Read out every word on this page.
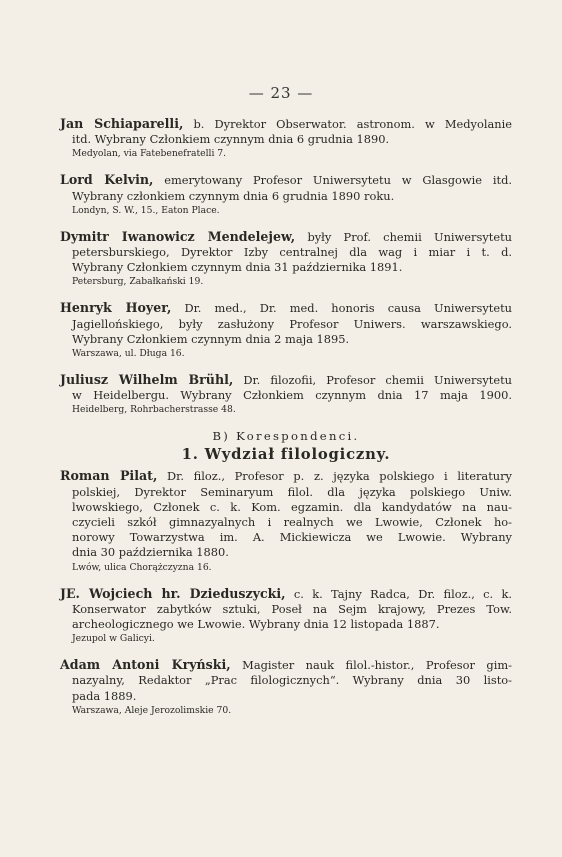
— 23 —
Jan Schiaparelli, b. Dyrektor Obserwator. astronom. w Medyolanie
itd. Wybrany Członkiem czynnym dnia 6 grudnia 1890.
Medyolan, via Fatebenefratelli 7.
Lord Kelvin, emerytowany Profesor Uniwersytetu w Glasgowie itd.
Wybrany członkiem czynnym dnia 6 grudnia 1890 roku.
Londyn, S. W., 15., Eaton Place.
Dymitr Iwanowicz Mendelejew, były Prof. chemii Uniwersytetu
petersburskiego, Dyrektor Izby centralnej dla wag i miar i t. d.
Wybrany Członkiem czynnym dnia 31 października 1891.
Petersburg, Zabałkański 19.
Henryk Hoyer, Dr. med., Dr. med. honoris causa Uniwersytetu
Jagiellońskiego, były zasłużony Profesor Uniwers. warszawskiego.
Wybrany Członkiem czynnym dnia 2 maja 1895.
Warszawa, ul. Długa 16.
Juliusz Wilhelm Brühl, Dr. filozofii, Profesor chemii Uniwersytetu
w Heidelbergu. Wybrany Członkiem czynnym dnia 17 maja 1900.
Heidelberg, Rohrbacherstrasse 48.
B) Korespondenci.
1. Wydział filologiczny.
Roman Pilat, Dr. filoz., Profesor p. z. języka polskiego i literatury
polskiej, Dyrektor Seminaryum filol. dla języka polskiego Uniw.
lwowskiego, Członek c. k. Kom. egzamin. dla kandydatów na nau-
czycieli szkół gimnazyalnych i realnych we Lwowie, Członek ho-
norowy Towarzystwa im. A. Mickiewicza we Lwowie. Wybrany
dnia 30 października 1880.
Lwów, ulica Chorążczyzna 16.
JE. Wojciech hr. Dzieduszycki, c. k. Tajny Radca, Dr. filoz., c. k.
Konserwator zabytków sztuki, Poseł na Sejm krajowy, Prezes Tow.
archeologicznego we Lwowie. Wybrany dnia 12 listopada 1887.
Jezupol w Galicyi.
Adam Antoni Kryński, Magister nauk filol.-histor., Profesor gim-
nazyalny, Redaktor „Prac filologicznych“. Wybrany dnia 30 listo-
pada 1889.
Warszawa, Aleje Jerozolimskie 70.
